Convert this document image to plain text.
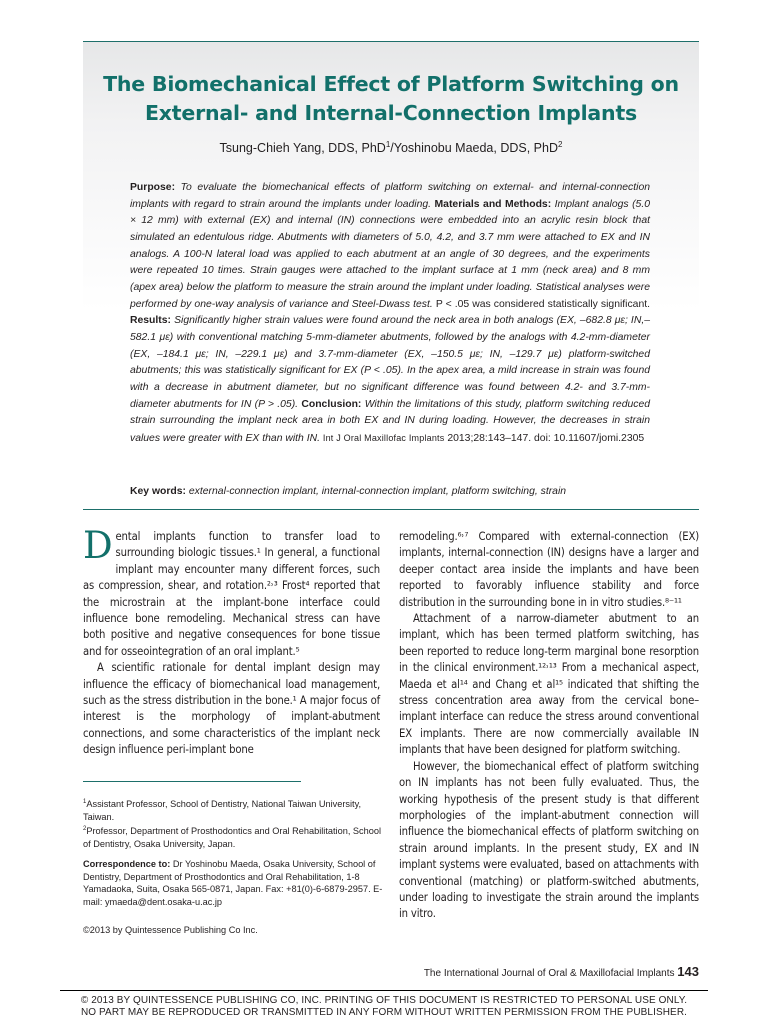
The Biomechanical Effect of Platform Switching on
External- and Internal-Connection Implants
Tsung-Chieh Yang, DDS, PhD$^1$/Yoshinobu Maeda, DDS, PhD$^2$

Purpose: To evaluate the biomechanical effects of platform switching on external- and internal-connection implants with regard to strain around the implants under loading. Materials and Methods: Implant analogs (5.0 × 12 mm) with external (EX) and internal (IN) connections were embedded into an acrylic resin block that simulated an edentulous ridge. Abutments with diameters of 5.0, 4.2, and 3.7 mm were attached to EX and IN analogs. A 100-N lateral load was applied to each abutment at an angle of 30 degrees, and the experiments were repeated 10 times. Strain gauges were attached to the implant surface at 1 mm (neck area) and 8 mm (apex area) below the platform to measure the strain around the implant under loading. Statistical analyses were performed by one-way analysis of variance and Steel-Dwass test. P < .05 was considered statistically significant. Results: Significantly higher strain values were found around the neck area in both analogs (EX, –682.8 με; IN,–582.1 με) with conventional matching 5-mm-diameter abutments, followed by the analogs with 4.2-mm-diameter (EX, –184.1 με; IN, –229.1 με) and 3.7-mm-diameter (EX, –150.5 με; IN, –129.7 με) platform-switched abutments; this was statistically significant for EX (P < .05). In the apex area, a mild increase in strain was found with a decrease in abutment diameter, but no significant difference was found between 4.2- and 3.7-mm-diameter abutments for IN (P > .05). Conclusion: Within the limitations of this study, platform switching reduced strain surrounding the implant neck area in both EX and IN during loading. However, the decreases in strain values were greater with EX than with IN. Int J Oral Maxillofac Implants 2013;28:143–147. doi: 10.11607/jomi.2305

Key words: external-connection implant, internal-connection implant, platform switching, strain

Dental implants function to transfer load to surrounding biologic tissues.¹ In general, a functional implant may encounter many different forces, such as compression, shear, and rotation.²˒³ Frost⁴ reported that the microstrain at the implant-bone interface could influence bone remodeling. Mechanical stress can have both positive and negative consequences for bone tissue and for osseointegration of an oral implant.⁵

A scientific rationale for dental implant design may influence the efficacy of biomechanical load management, such as the stress distribution in the bone.¹ A major focus of interest is the morphology of implant-abutment connections, and some characteristics of the implant neck design influence peri-implant bone

remodeling.⁶˒⁷ Compared with external-connection (EX) implants, internal-connection (IN) designs have a larger and deeper contact area inside the implants and have been reported to favorably influence stability and force distribution in the surrounding bone in in vitro studies.⁸⁻¹¹

Attachment of a narrow-diameter abutment to an implant, which has been termed platform switching, has been reported to reduce long-term marginal bone resorption in the clinical environment.¹²˒¹³ From a mechanical aspect, Maeda et al¹⁴ and Chang et al¹⁵ indicated that shifting the stress concentration area away from the cervical bone–implant interface can reduce the stress around conventional EX implants. There are now commercially available IN implants that have been designed for platform switching.

However, the biomechanical effect of platform switching on IN implants has not been fully evaluated. Thus, the working hypothesis of the present study is that different morphologies of the implant-abutment connection will influence the biomechanical effects of platform switching on strain around implants. In the present study, EX and IN implant systems were evaluated, based on attachments with conventional (matching) or platform-switched abutments, under loading to investigate the strain around the implants in vitro.

$^1$Assistant Professor, School of Dentistry, National Taiwan University, Taiwan.

$^2$Professor, Department of Prosthodontics and Oral Rehabilitation, School of Dentistry, Osaka University, Japan.

Correspondence to: Dr Yoshinobu Maeda, Osaka University, School of Dentistry, Department of Prosthodontics and Oral Rehabilitation, 1-8 Yamadaoka, Suita, Osaka 565-0871, Japan. Fax: +81(0)-6-6879-2957. E-mail: ymaeda@dent.osaka-u.ac.jp

©2013 by Quintessence Publishing Co Inc.
The International Journal of Oral & Maxillofacial Implants 143
© 2013 BY QUINTESSENCE PUBLISHING CO, INC. PRINTING OF THIS DOCUMENT IS RESTRICTED TO PERSONAL USE ONLY.
NO PART MAY BE REPRODUCED OR TRANSMITTED IN ANY FORM WITHOUT WRITTEN PERMISSION FROM THE PUBLISHER.
